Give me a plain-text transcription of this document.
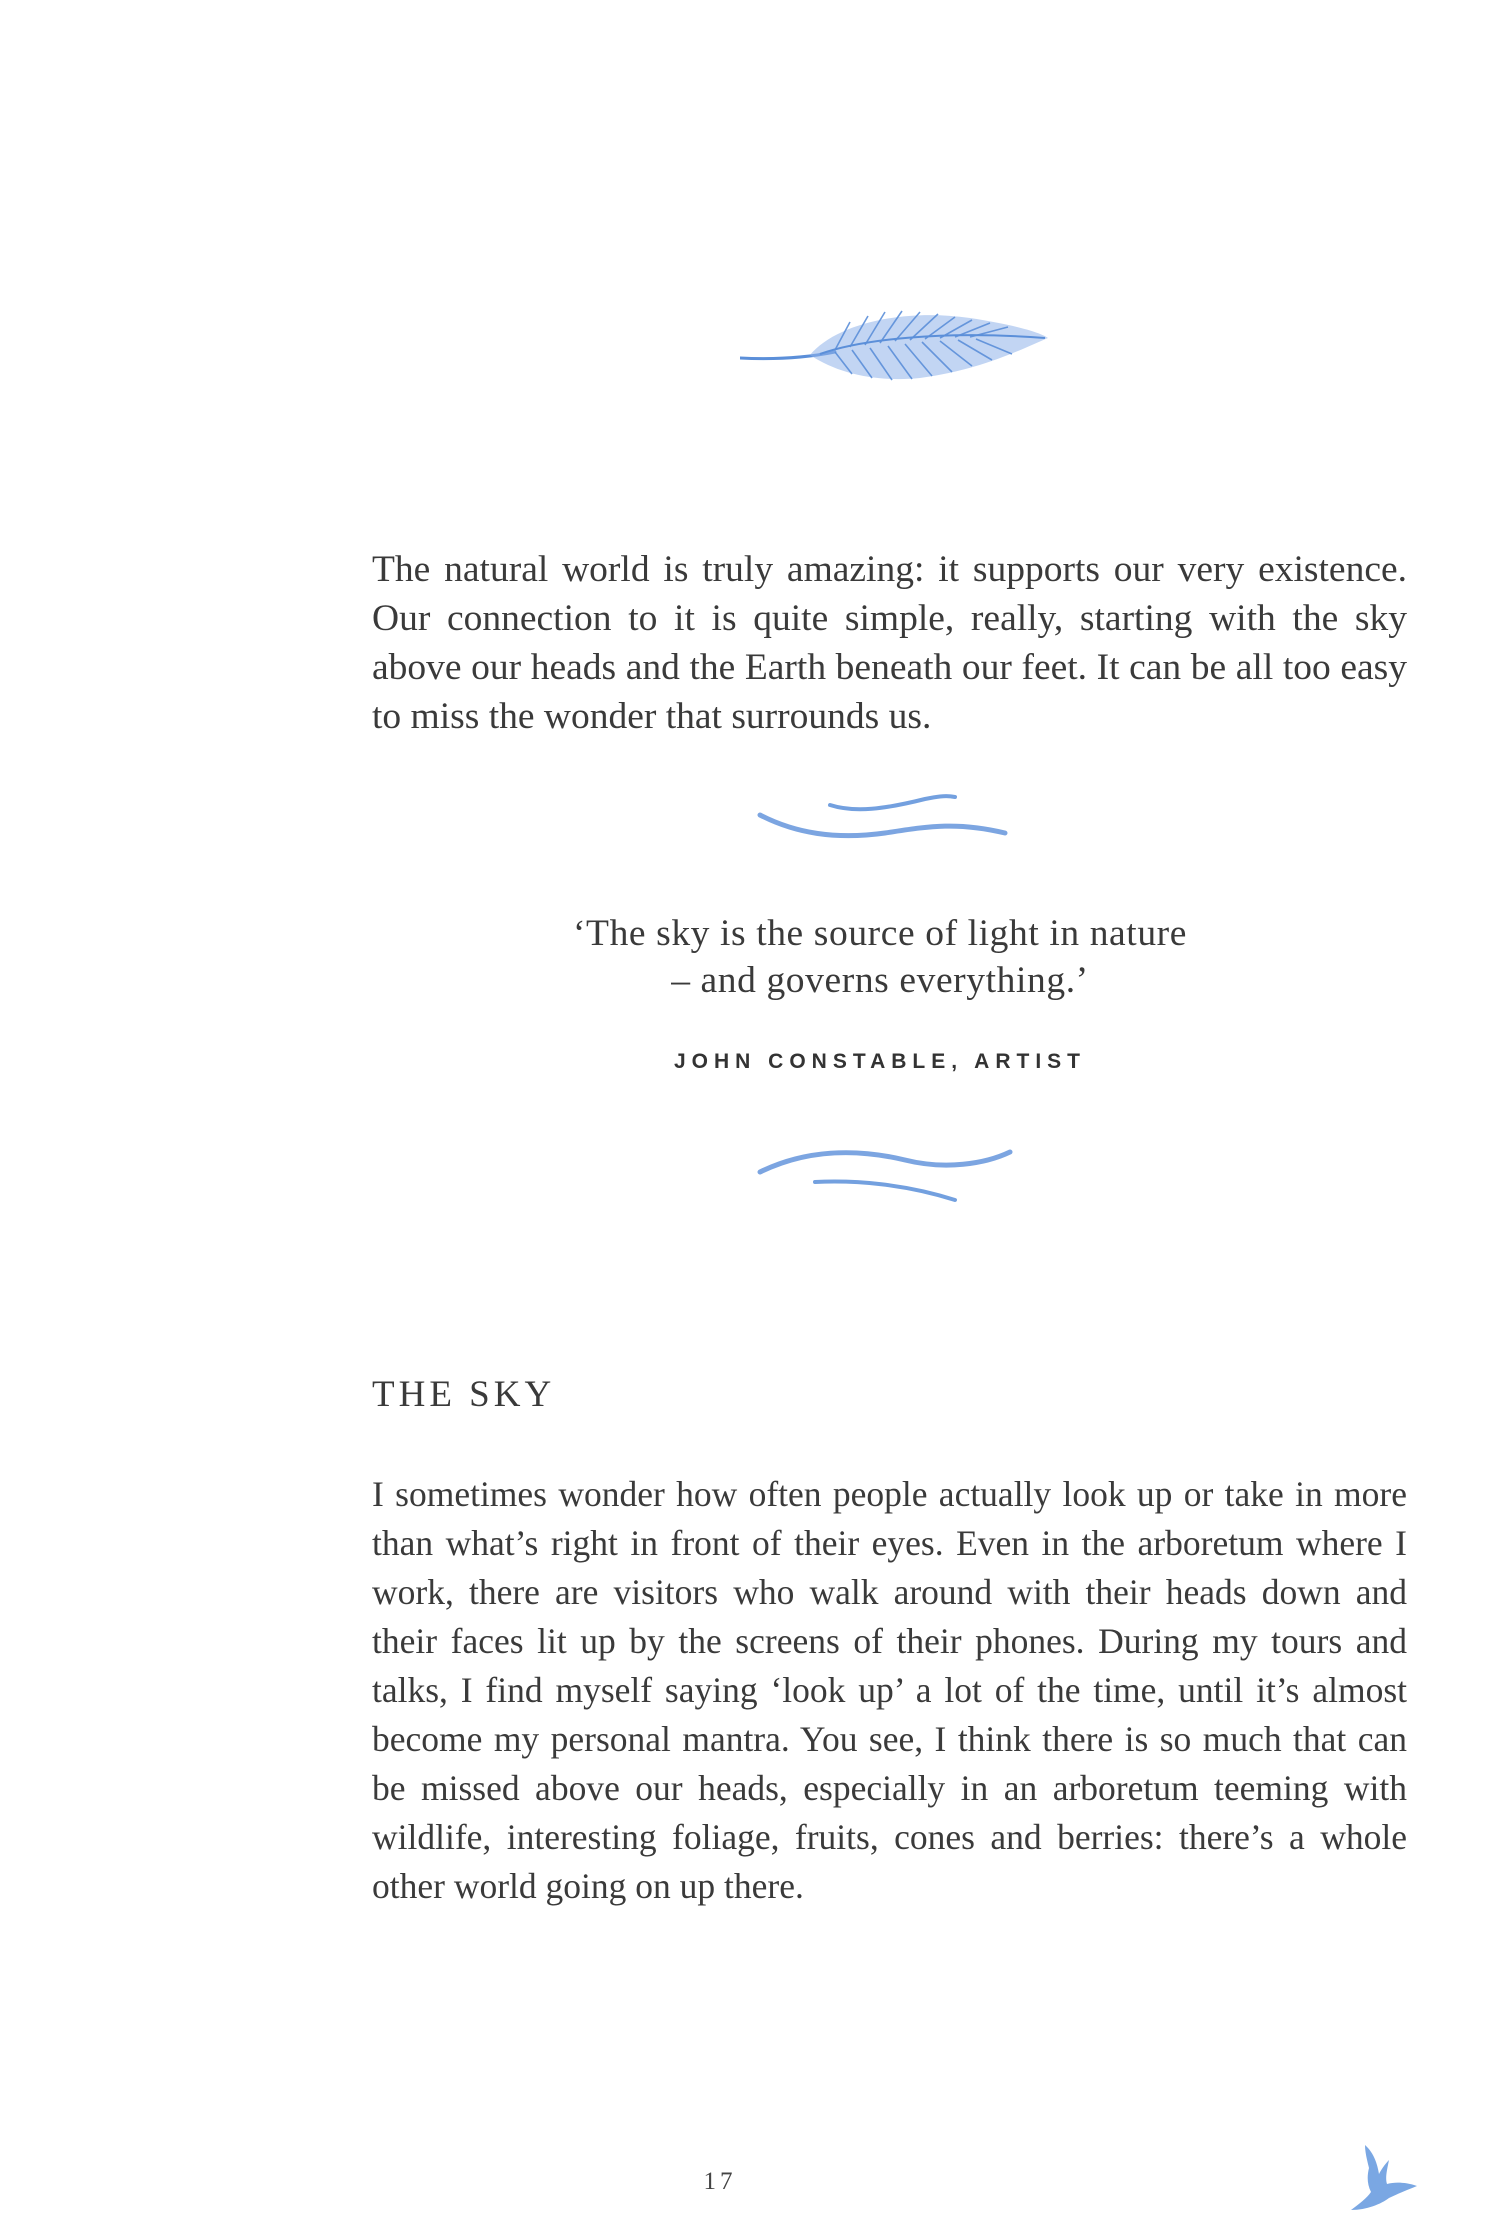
The natural world is truly amazing: it supports our very existence. Our connection to it is quite simple, really, starting with the sky above our heads and the Earth beneath our feet. It can be all too easy to miss the wonder that surrounds us.

‘The sky is the source of light in nature
– and governs everything.’
JOHN CONSTABLE, ARTIST
THE SKY

I sometimes wonder how often people actually look up or take in more than what’s right in front of their eyes. Even in the arboretum where I work, there are visitors who walk around with their heads down and their faces lit up by the screens of their phones. During my tours and talks, I find myself saying ‘look up’ a lot of the time, until it’s almost become my personal mantra. You see, I think there is so much that can be missed above our heads, especially in an arboretum teeming with wildlife, interesting foliage, fruits, cones and berries: there’s a whole other world going on up there.

17
